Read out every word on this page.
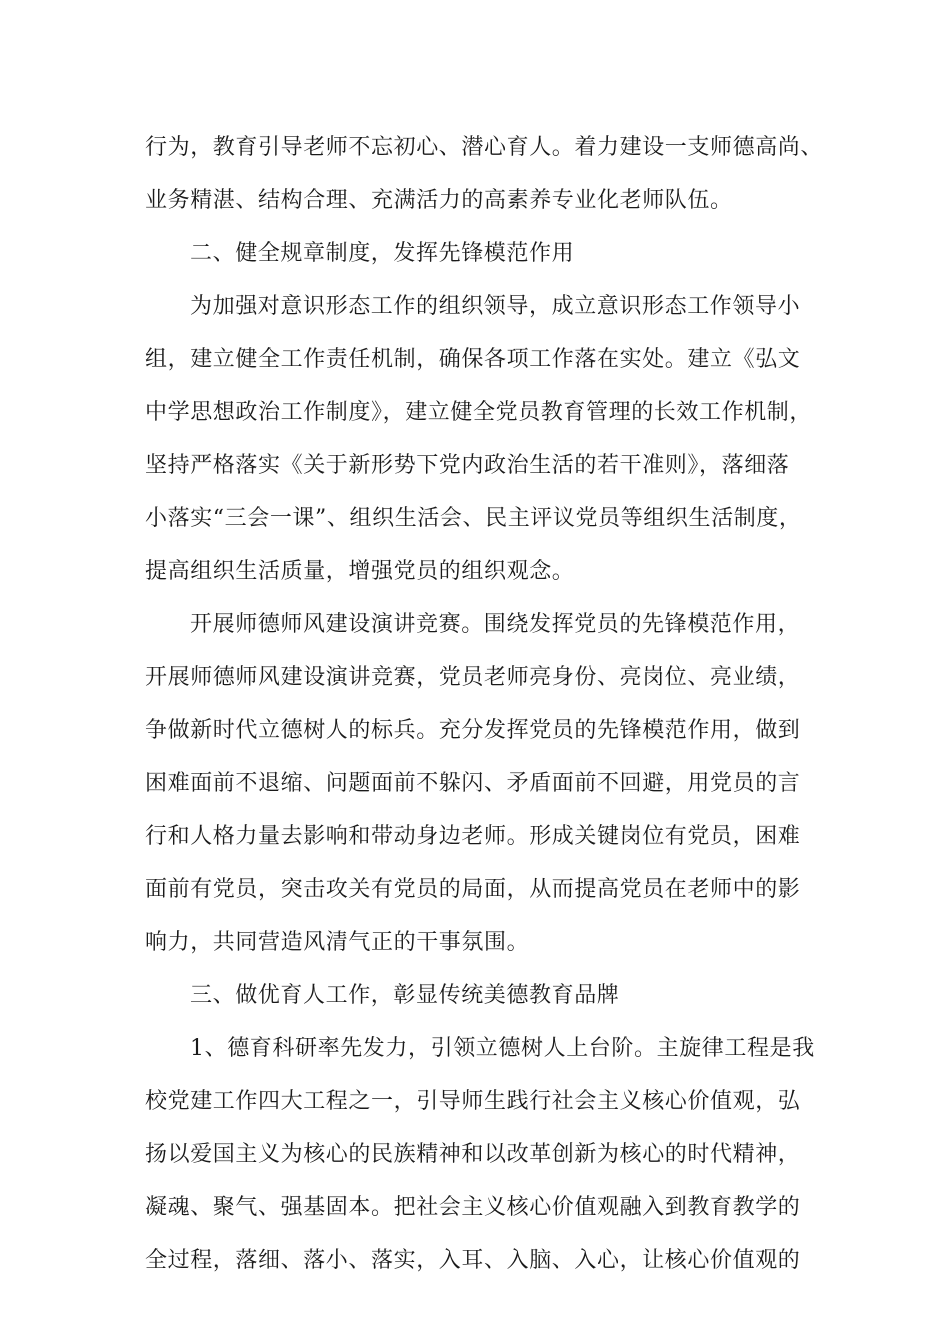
行为，教育引导老师不忘初心、潜心育人。着力建设一支师德高尚、
业务精湛、结构合理、充满活力的高素养专业化老师队伍。
二、健全规章制度，发挥先锋模范作用
为加强对意识形态工作的组织领导，成立意识形态工作领导小
组，建立健全工作责任机制，确保各项工作落在实处。建立《弘文
中学思想政治工作制度》，建立健全党员教育管理的长效工作机制，
坚持严格落实《关于新形势下党内政治生活的若干准则》，落细落
小落实“三会一课”、组织生活会、民主评议党员等组织生活制度，
提高组织生活质量，增强党员的组织观念。
开展师德师风建设演讲竞赛。围绕发挥党员的先锋模范作用，
开展师德师风建设演讲竞赛，党员老师亮身份、亮岗位、亮业绩，
争做新时代立德树人的标兵。充分发挥党员的先锋模范作用，做到
困难面前不退缩、问题面前不躲闪、矛盾面前不回避，用党员的言
行和人格力量去影响和带动身边老师。形成关键岗位有党员，困难
面前有党员，突击攻关有党员的局面，从而提高党员在老师中的影
响力，共同营造风清气正的干事氛围。
三、做优育人工作，彰显传统美德教育品牌
1、德育科研率先发力，引领立德树人上台阶。主旋律工程是我
校党建工作四大工程之一，引导师生践行社会主义核心价值观，弘
扬以爱国主义为核心的民族精神和以改革创新为核心的时代精神，
凝魂、聚气、强基固本。把社会主义核心价值观融入到教育教学的
全过程，落细、落小、落实，入耳、入脑、入心，让核心价值观的
